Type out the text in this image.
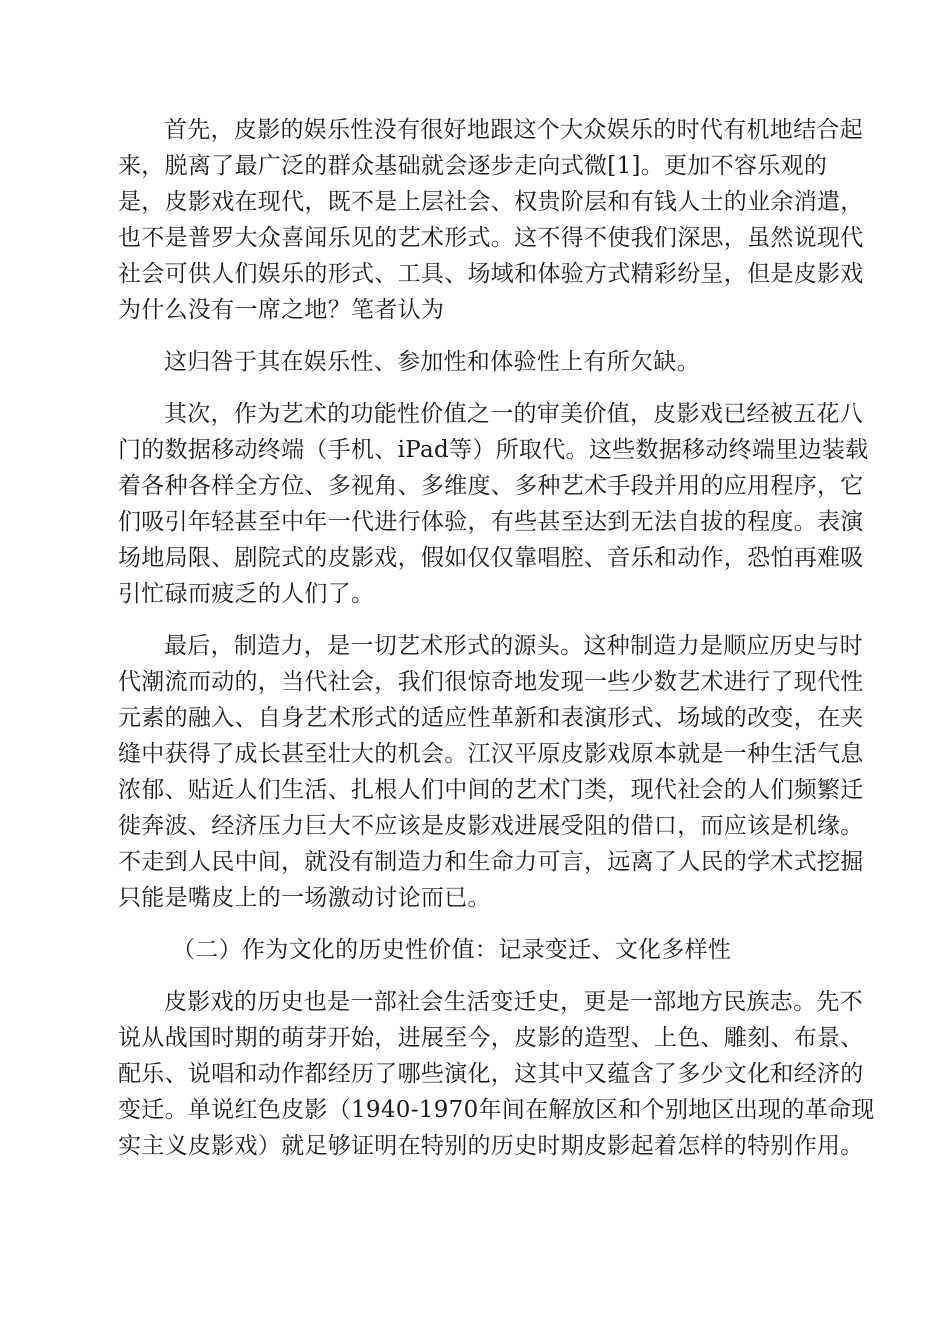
首先，皮影的娱乐性没有很好地跟这个大众娱乐的时代有机地结合起
来，脱离了最广泛的群众基础就会逐步走向式微[1]。更加不容乐观的
是，皮影戏在现代，既不是上层社会、权贵阶层和有钱人士的业余消遣，
也不是普罗大众喜闻乐见的艺术形式。这不得不使我们深思，虽然说现代
社会可供人们娱乐的形式、工具、场域和体验方式精彩纷呈，但是皮影戏
为什么没有一席之地？笔者认为
这归咎于其在娱乐性、参加性和体验性上有所欠缺。
其次，作为艺术的功能性价值之一的审美价值，皮影戏已经被五花八
门的数据移动终端（手机、iPad等）所取代。这些数据移动终端里边装载
着各种各样全方位、多视角、多维度、多种艺术手段并用的应用程序，它
们吸引年轻甚至中年一代进行体验，有些甚至达到无法自拔的程度。表演
场地局限、剧院式的皮影戏，假如仅仅靠唱腔、音乐和动作，恐怕再难吸
引忙碌而疲乏的人们了。
最后，制造力，是一切艺术形式的源头。这种制造力是顺应历史与时
代潮流而动的，当代社会，我们很惊奇地发现一些少数艺术进行了现代性
元素的融入、自身艺术形式的适应性革新和表演形式、场域的改变，在夹
缝中获得了成长甚至壮大的机会。江汉平原皮影戏原本就是一种生活气息
浓郁、贴近人们生活、扎根人们中间的艺术门类，现代社会的人们频繁迁
徙奔波、经济压力巨大不应该是皮影戏进展受阻的借口，而应该是机缘。
不走到人民中间，就没有制造力和生命力可言，远离了人民的学术式挖掘
只能是嘴皮上的一场激动讨论而已。
（二）作为文化的历史性价值：记录变迁、文化多样性
皮影戏的历史也是一部社会生活变迁史，更是一部地方民族志。先不
说从战国时期的萌芽开始，进展至今，皮影的造型、上色、雕刻、布景、
配乐、说唱和动作都经历了哪些演化，这其中又蕴含了多少文化和经济的
变迁。单说红色皮影（1940-1970年间在解放区和个别地区出现的革命现
实主义皮影戏）就足够证明在特别的历史时期皮影起着怎样的特别作用。
